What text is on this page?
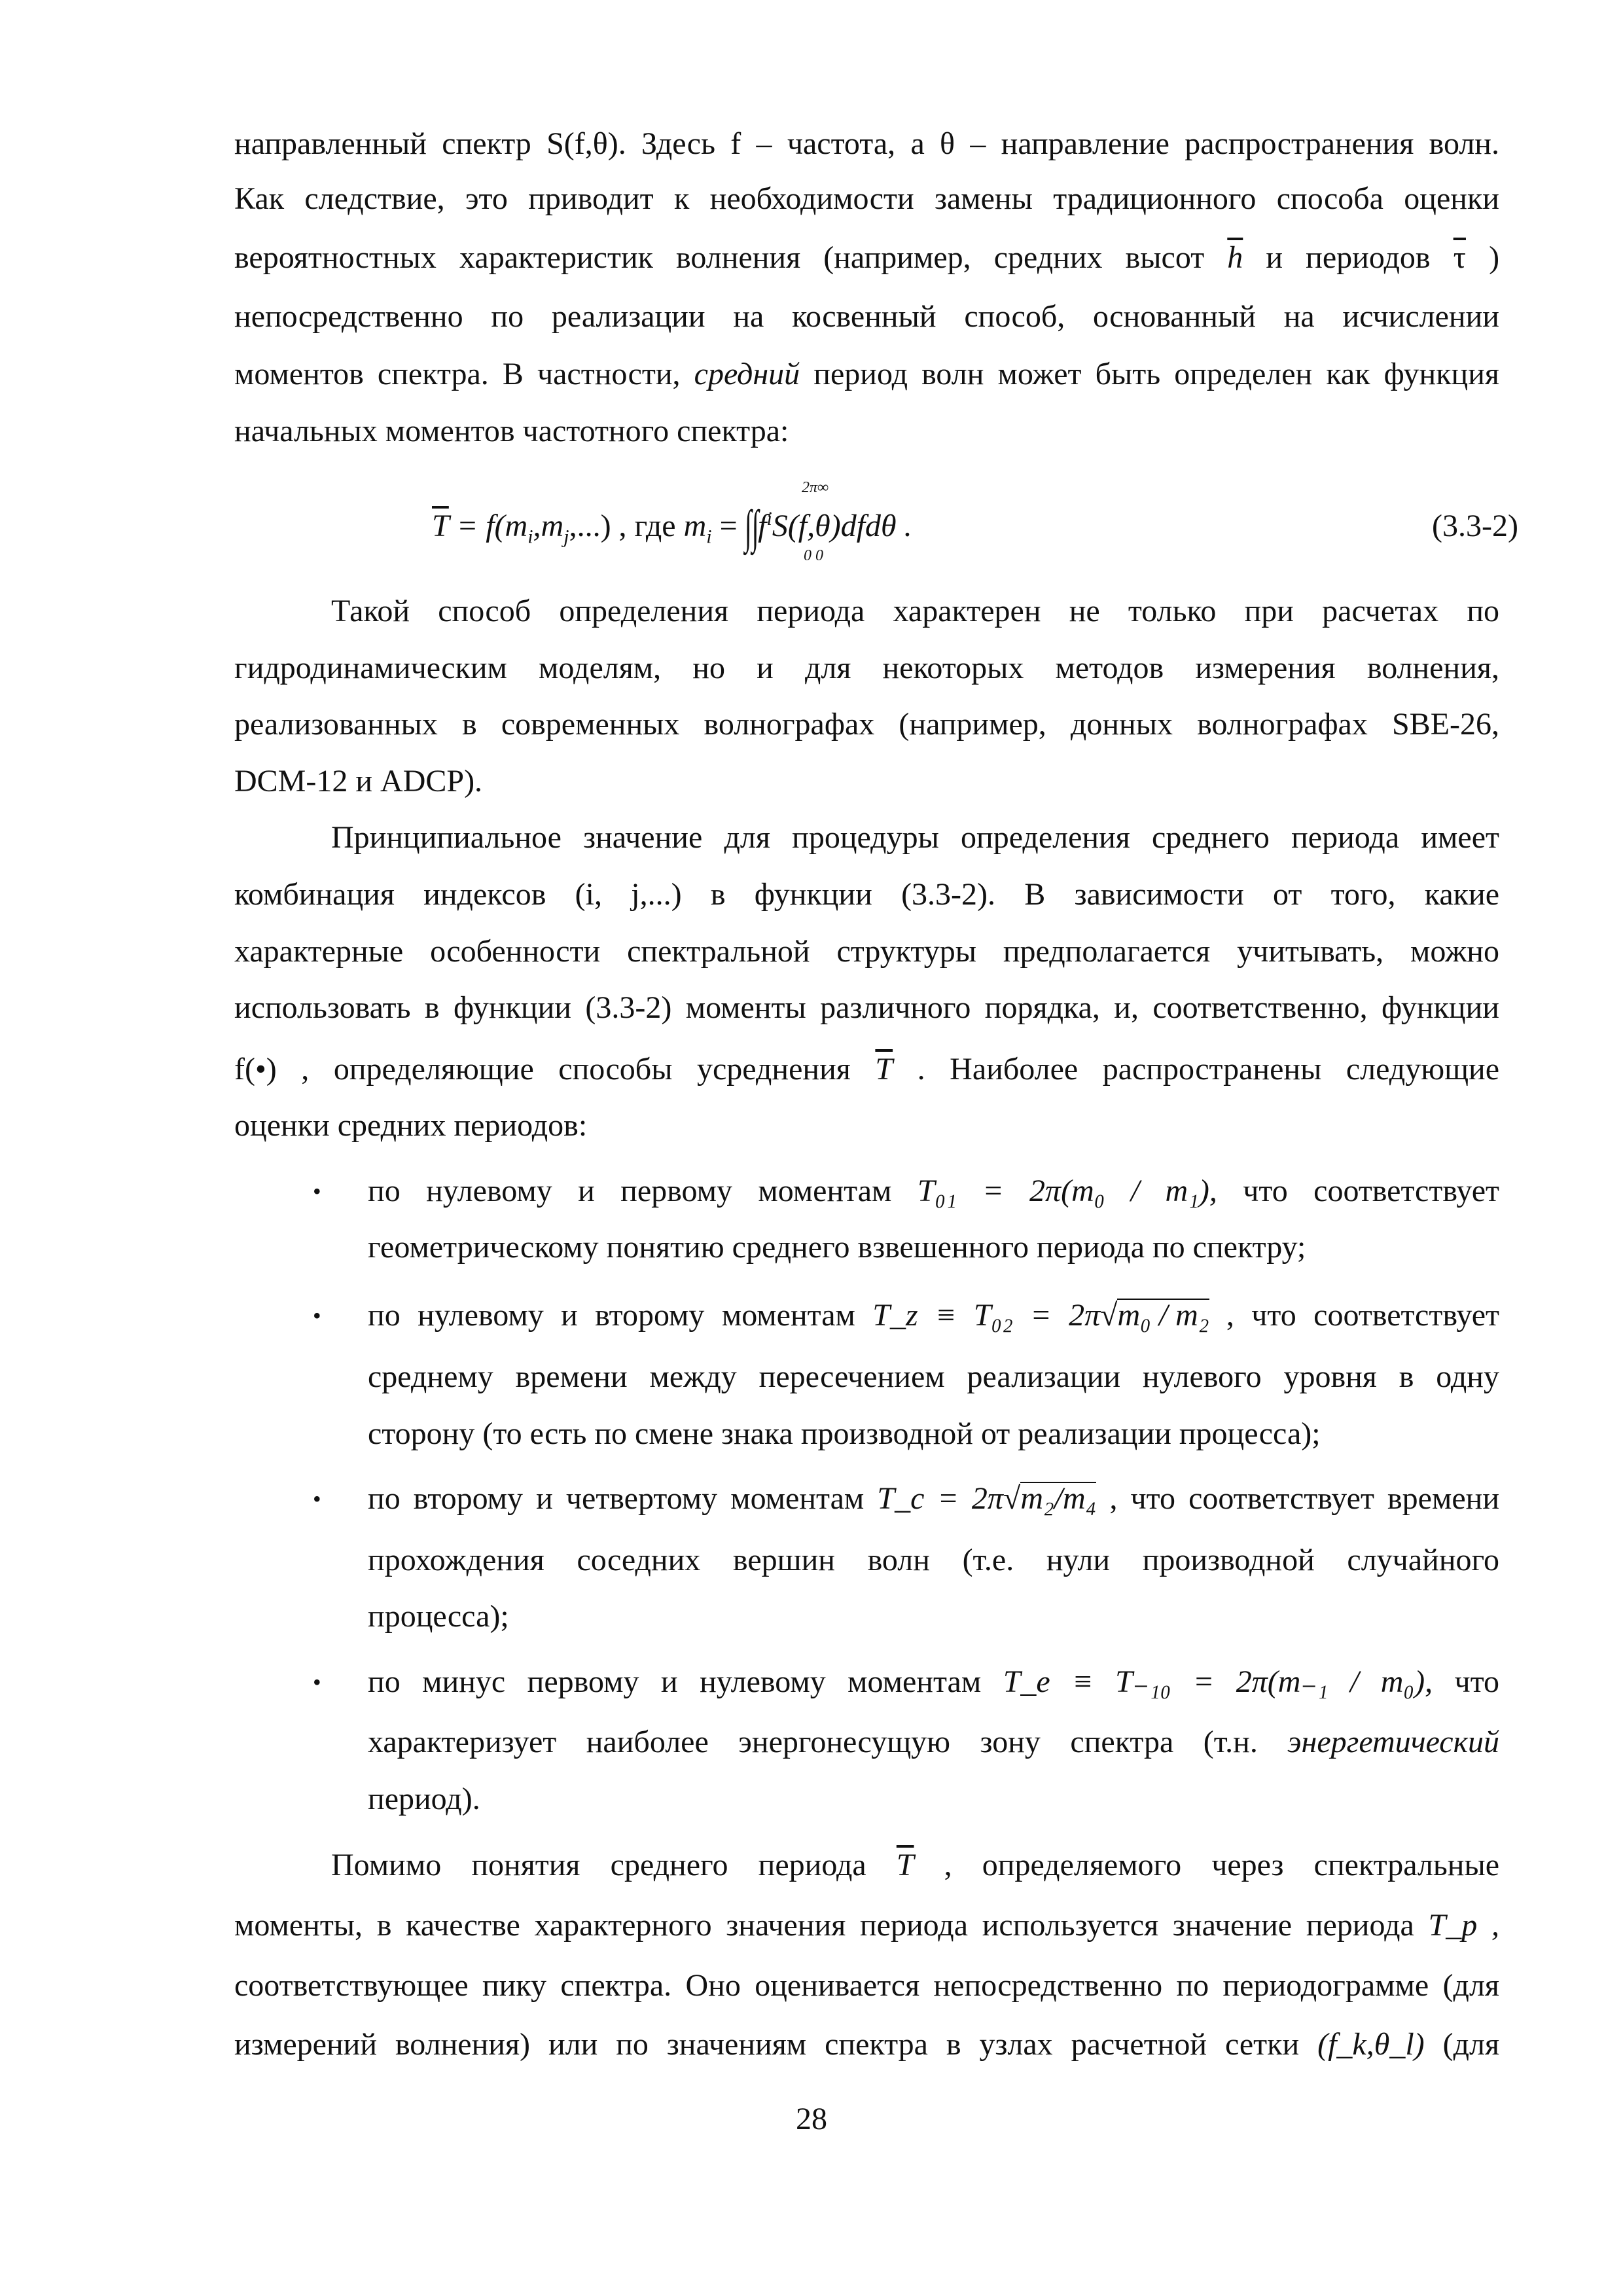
направленный спектр S(f,θ). Здесь f – частота, а θ – направление распространения волн.
Как следствие, это приводит к необходимости замены традиционного способа оценки
вероятностных характеристик волнения (например, средних высот $\overline{h}$ и периодов $\overline{\tau}$ )
непосредственно по реализации на косвенный способ, основанный на исчислении
моментов спектра. В частности, средний период волн может быть определен как функция
начальных моментов частотного спектра:
$\overline{T} = f(m_i,m_j,...)$ , где $m_i = \int\int f^iS(f,\theta)dfd\theta$ .
2π∞
0 0
(3.3-2)
Такой способ определения периода характерен не только при расчетах по
гидродинамическим моделям, но и для некоторых методов измерения волнения,
реализованных в современных волнографах (например, донных волнографах SBE-26,
DCM-12 и ADCP).
Принципиальное значение для процедуры определения среднего периода имеет
комбинация индексов (i, j,...) в функции (3.3-2). В зависимости от того, какие
характерные особенности спектральной структуры предполагается учитывать, можно
использовать в функции (3.3-2) моменты различного порядка, и, соответственно, функции
f(•) , определяющие способы усреднения $\overline{T}$ . Наиболее распространены следующие
оценки средних периодов:
• по нулевому и первому моментам T₀₁ = 2π(m₀ / m₁), что соответствует
геометрическому понятию среднего взвешенного периода по спектру;
• по нулевому и второму моментам T_z ≡ T₀₂ = 2π√m₀ / m₂ , что соответствует
среднему времени между пересечением реализации нулевого уровня в одну
сторону (то есть по смене знака производной от реализации процесса);
• по второму и четвертому моментам T_c = 2π√m₂/m₄ , что соответствует времени
прохождения соседних вершин волн (т.е. нули производной случайного
процесса);
• по минус первому и нулевому моментам T_e ≡ T₋₁₀ = 2π(m₋₁ / m₀), что
характеризует наиболее энергонесущую зону спектра (т.н. энергетический
период).
Помимо понятия среднего периода $\overline{T}$ , определяемого через спектральные
моменты, в качестве характерного значения периода используется значение периода T_p ,
соответствующее пику спектра. Оно оценивается непосредственно по периодограмме (для
измерений волнения) или по значениям спектра в узлах расчетной сетки (f_k,θ_l) (для
28
